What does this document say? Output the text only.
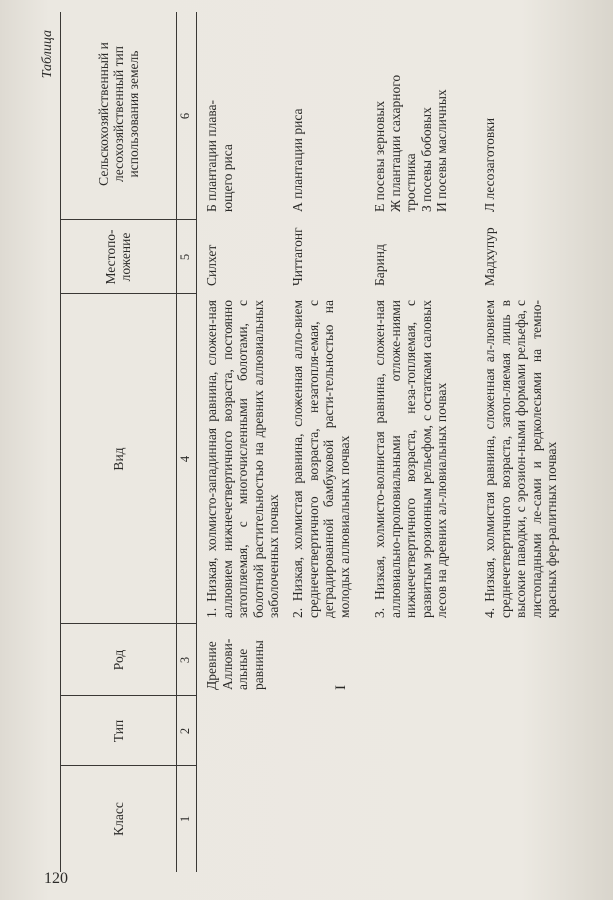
120
Таблица
Класс
Тип
Род
Вид
Местопо-ложение
Сельскохозяйственный и лесохозяйственный тип использования земель
1
2
3
4
5
6
Древние Аллюви-альные равнины	I
1. Низкая, холмисто-западинная равнина, сложен-ная аллювием нижнечетвертичного возраста, постоянно затопляемая, с многочисленными болотами, с болотной растительностью на древних аллювиальных заболоченных почвах
Силхет
Б плантации плава-ющего риса
2. Низкая, холмистая равнина, сложенная алло-вием среднечетвертичного возраста, незатопля-емая, с деградированной бамбуковой расти-тельностью на молодых аллювиальных почвах
Читтагонг
А плантации риса
3. Низкая, холмисто-волнистая равнина, сложен-ная аллювиально-пролювиальными отложе-ниями нижнечетвертичного возраста, неза-топляемая, с развитым эрозионным рельефом, с остатками саловых лесов на древних ал-лювиальных почвах
Баринд
Е посевы зерновых
Ж плантации сахарного тростника
З посевы бобовых
И посевы масличных
4. Низкая, холмистая равнина, сложенная ал-лювием среднечетвертичного возраста, затоп-ляемая лишь в высокие паводки, с эрозион-ными формами рельефа, с листопадными ле-сами и редколесьями на темно-красных фер-ралитных почвах
Мадхупур
Л лесозаготовки
